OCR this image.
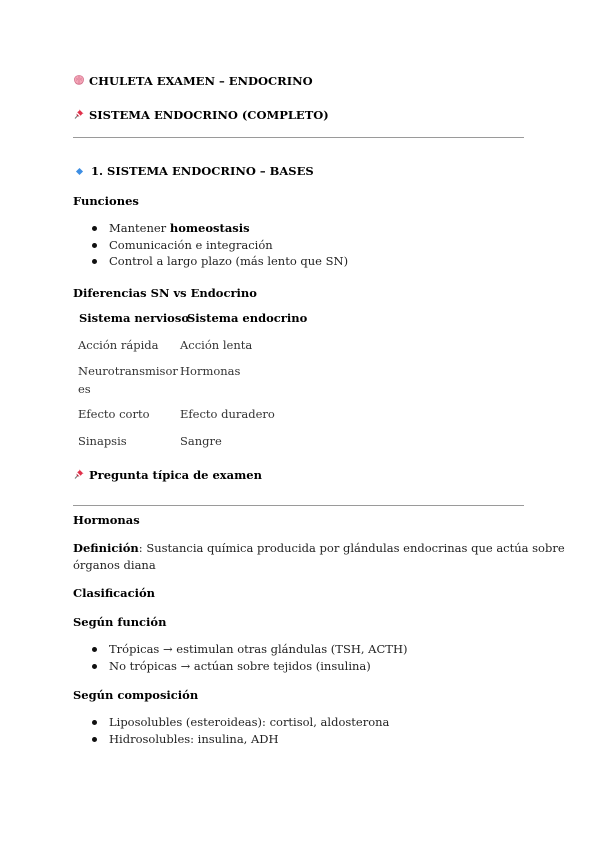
CHULETA EXAMEN – ENDOCRINO
SISTEMA ENDOCRINO (COMPLETO)
1. SISTEMA ENDOCRINO – BASES
Funciones
Mantener homeostasis
Comunicación e integración
Control a largo plazo (más lento que SN)
Diferencias SN vs Endocrino
Sistema nervioso
Sistema endocrino
Acción rápida Acción lenta
Neurotransmisor
es
Hormonas
Efecto corto	Efecto duradero
Sinapsis	Sangre
Pregunta típica de examen
Hormonas
Definición: Sustancia química producida por glándulas endocrinas que actúa sobre
órganos diana
Clasificación
Según función
Trópicas → estimulan otras glándulas (TSH, ACTH)
No trópicas → actúan sobre tejidos (insulina)
Según composición
Liposolubles (esteroideas): cortisol, aldosterona
Hidrosolubles: insulina, ADH
